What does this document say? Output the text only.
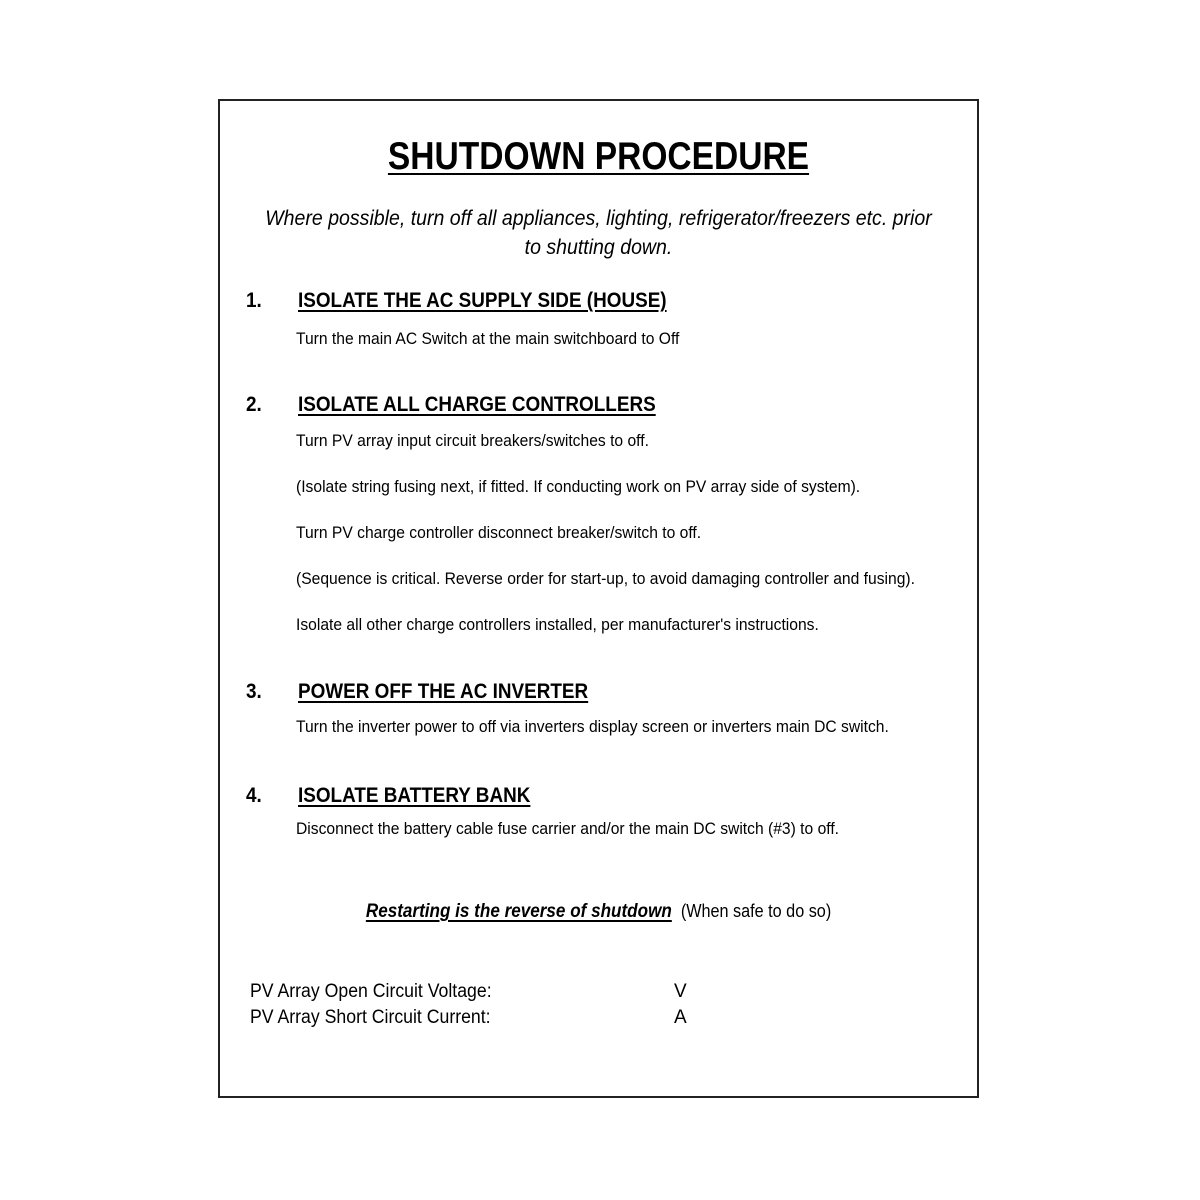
SHUTDOWN PROCEDURE
Where possible, turn off all appliances, lighting, refrigerator/freezers etc. prior to shutting down.
1. ISOLATE THE AC SUPPLY SIDE (HOUSE)
Turn the main AC Switch at the main switchboard to Off
2. ISOLATE ALL CHARGE CONTROLLERS
Turn PV array input circuit breakers/switches to off.
(Isolate string fusing next, if fitted. If conducting work on PV array side of system).
Turn PV charge controller disconnect breaker/switch to off.
(Sequence is critical. Reverse order for start-up, to avoid damaging controller and fusing).
Isolate all other charge controllers installed, per manufacturer's instructions.
3. POWER OFF THE AC INVERTER
Turn the inverter power to off via inverters display screen or inverters main DC switch.
4. ISOLATE BATTERY BANK
Disconnect the battery cable fuse carrier and/or the main DC switch (#3) to off.
Restarting is the reverse of shutdown (When safe to do so)
PV Array Open Circuit Voltage:	V
PV Array Short Circuit Current:	A
